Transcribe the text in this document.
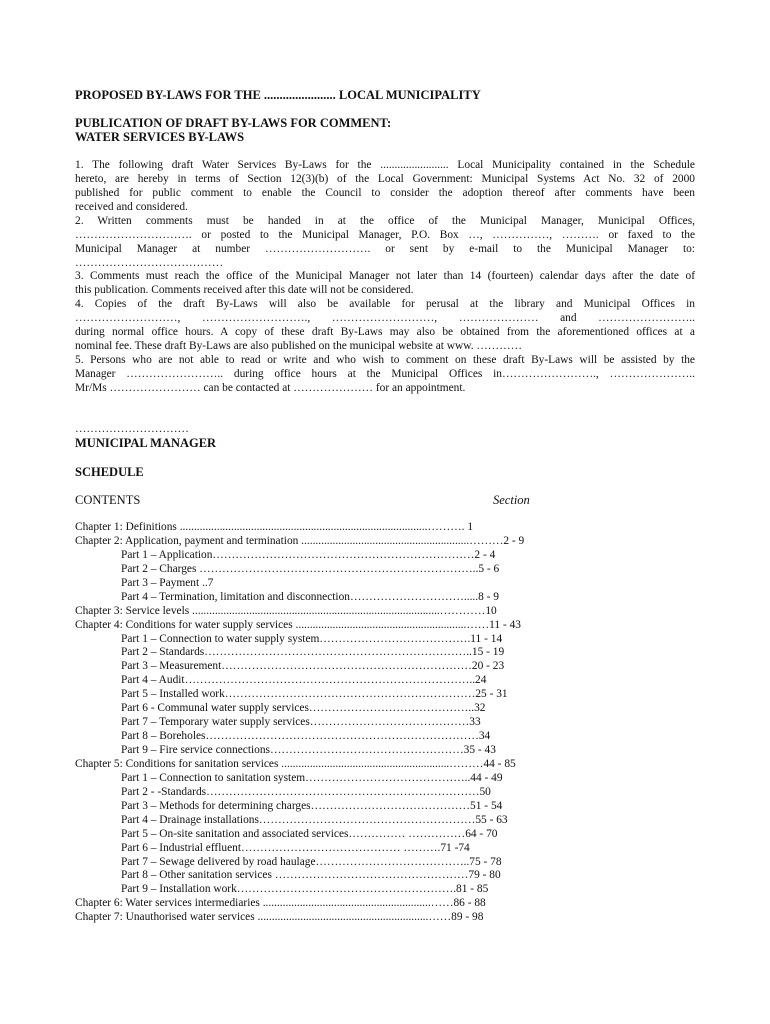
PROPOSED BY-LAWS FOR THE ....................... LOCAL MUNICIPALITY
PUBLICATION OF DRAFT BY-LAWS FOR COMMENT:
WATER SERVICES BY-LAWS
1. The following draft Water Services By-Laws for the ........................ Local Municipality contained in the Schedule
hereto, are hereby in terms of Section 12(3)(b) of the Local Government: Municipal Systems Act No. 32 of 2000
published for public comment to enable the Council to consider the adoption thereof after comments have been
received and considered.
2. Written comments must be handed in at the office of the Municipal Manager, Municipal Offices,
…………………………. or posted to the Municipal Manager, P.O. Box …, ……………, ………. or faxed to the
Municipal Manager at number ………………………. or sent by e-mail to the Municipal Manager to:
…………………………………
3. Comments must reach the office of the Municipal Manager not later than 14 (fourteen) calendar days after the date of
this publication. Comments received after this date will not be considered.
4. Copies of the draft By-Laws will also be available for perusal at the library and Municipal Offices in
………………………, ………………………., ………………………, ………………… and ……………………..
during normal office hours. A copy of these draft By-Laws may also be obtained from the aforementioned offices at a
nominal fee. These draft By-Laws are also published on the municipal website at www. …………
5. Persons who are not able to read or write and who wish to comment on these draft By-Laws will be assisted by the
Manager …………………….. during office hours at the Municipal Offices in……………………., …………………..
Mr/Ms …………………… can be contacted at ………………… for an appointment.
…………………………
MUNICIPAL MANAGER
SCHEDULE
CONTENTS	Section
Chapter 1: Definitions .......................................................................................………. 1
Chapter 2: Application, payment and termination ...........................................................………2 - 9
Part 1 – Application……………………………………………………………2 - 4
Part 2 – Charges ………………………………………………………………..5 - 6
Part 3 – Payment ..7
Part 4 – Termination, limitation and disconnection………………………….....8 - 9
Chapter 3: Service levels .......................................................................................…………10
Chapter 4: Conditions for water supply services ............................................................……11 - 43
Part 1 – Connection to water supply system………………………………….11 - 14
Part 2 – Standards……………………………………………………………..15 - 19
Part 3 – Measurement…………………………………………………………20 - 23
Part 4 – Audit…………………………………………………………………..24
Part 5 – Installed work…………………………………………………………25 - 31
Part 6 - Communal water supply services……………………………………..32
Part 7 – Temporary water supply services……………………………………33
Part 8 – Boreholes………………………………………………………………34
Part 9 – Fire service connections……………………………………………35 - 43
Chapter 5: Conditions for sanitation services ...........................................................………44 - 85
Part 1 – Connection to sanitation system……………………………………..44 - 49
Part 2 - -Standards………………………………………………………………50
Part 3 – Methods for determining charges……………………………………51 - 54
Part 4 – Drainage installations…………………………………………………55 - 63
Part 5 – On-site sanitation and associated services…………… ……………64 - 70
Part 6 – Industrial effluent…………………………………… ……….71 -74
Part 7 – Sewage delivered by road haulage…………………………………..75 - 78
Part 8 – Other sanitation services ……………………………………………79 - 80
Part 9 – Installation work………………………………………………….81 - 85
Chapter 6: Water services intermediaries ...........................................................……86 - 88
Chapter 7: Unauthorised water services ............................................................……89 - 98
